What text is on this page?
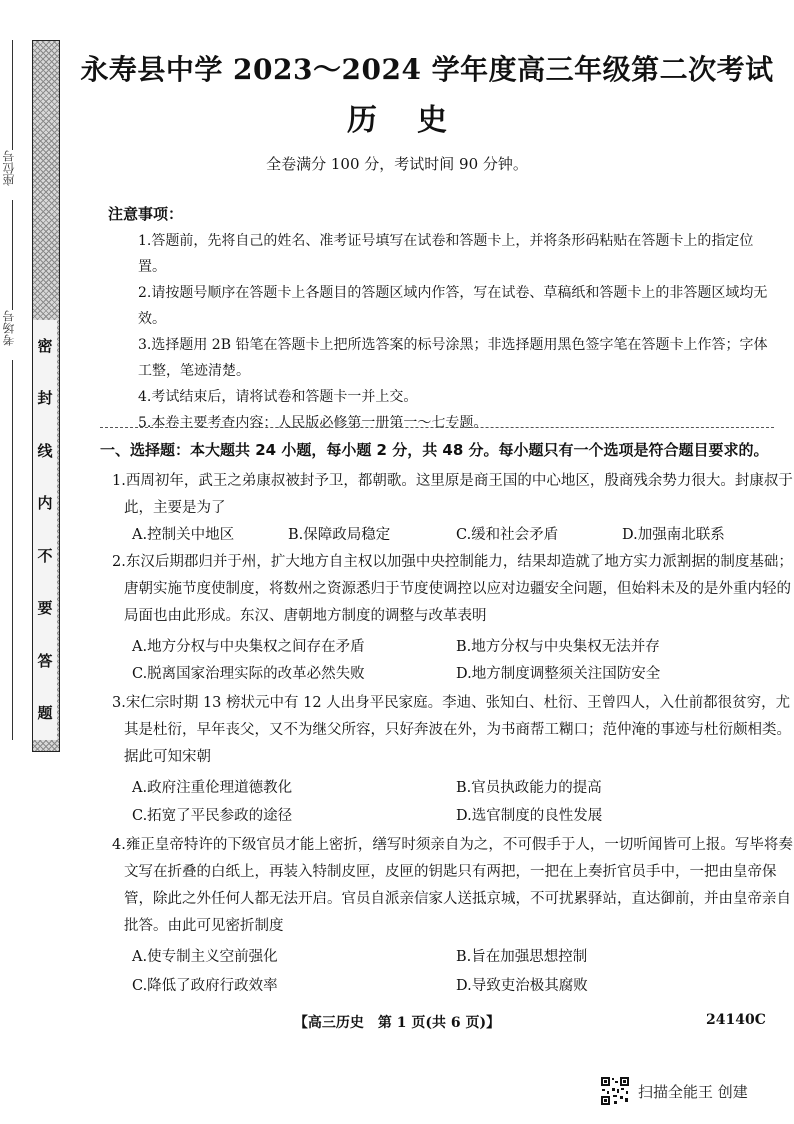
密
封
线
内
不
要
答
题
座位号
考场号
永寿县中学 2023～2024 学年度高三年级第二次考试
历史
全卷满分 100 分，考试时间 90 分钟。
注意事项：
1.答题前，先将自己的姓名、准考证号填写在试卷和答题卡上，并将条形码粘贴在答题卡上的指定位置。
2.请按题号顺序在答题卡上各题目的答题区域内作答，写在试卷、草稿纸和答题卡上的非答题区域均无效。
3.选择题用 2B 铅笔在答题卡上把所选答案的标号涂黑；非选择题用黑色签字笔在答题卡上作答；字体工整，笔迹清楚。
4.考试结束后，请将试卷和答题卡一并上交。
5.本卷主要考查内容：人民版必修第一册第一～七专题。
一、选择题：本大题共 24 小题，每小题 2 分，共 48 分。每小题只有一个选项是符合题目要求的。

1.西周初年，武王之弟康叔被封予卫，都朝歌。这里原是商王国的中心地区，殷商残余势力很大。封康叔于此，主要是为了

A.控制关中地区	B.保障政局稳定	C.缓和社会矛盾	D.加强南北联系

2.东汉后期郡归并于州，扩大地方自主权以加强中央控制能力，结果却造就了地方实力派割据的制度基础；唐朝实施节度使制度，将数州之资源悉归于节度使调控以应对边疆安全问题，但始料未及的是外重内轻的局面也由此形成。东汉、唐朝地方制度的调整与改革表明

A.地方分权与中央集权之间存在矛盾	B.地方分权与中央集权无法并存
C.脱离国家治理实际的改革必然失败	D.地方制度调整须关注国防安全

3.宋仁宗时期 13 榜状元中有 12 人出身平民家庭。李迪、张知白、杜衍、王曾四人，入仕前都很贫穷，尤其是杜衍，早年丧父，又不为继父所容，只好奔波在外，为书商帮工糊口；范仲淹的事迹与杜衍颇相类。据此可知宋朝

A.政府注重伦理道德教化	B.官员执政能力的提高
C.拓宽了平民参政的途径	D.选官制度的良性发展

4.雍正皇帝特许的下级官员才能上密折，缮写时须亲自为之，不可假手于人，一切听闻皆可上报。写毕将奏文写在折叠的白纸上，再装入特制皮匣，皮匣的钥匙只有两把，一把在上奏折官员手中，一把由皇帝保管，除此之外任何人都无法开启。官员自派亲信家人送抵京城，不可扰累驿站，直达御前，并由皇帝亲自批答。由此可见密折制度

A.使专制主义空前强化	B.旨在加强思想控制
C.降低了政府行政效率	D.导致吏治极其腐败
【高三历史　第 1 页(共 6 页)】	24140C
扫描全能王 创建
